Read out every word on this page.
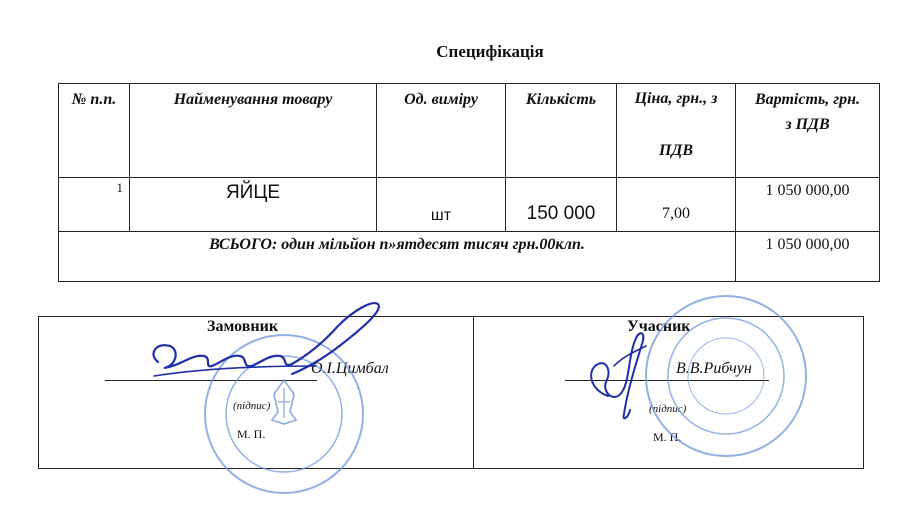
Специфікація
№ п.п.	Найменування товару	Од. виміру	Кількість	Ціна, грн., з ПДВ	Вартість, грн. з ПДВ
1	ЯЙЦЕ	шт	150 000	7,00	1 050 000,00
ВСЬОГО: один мільйон п»ятдесят тисяч грн.00клп.					1 050 000,00
Замовник
О.І.Цимбал
(підпис)
М. П.
Учасник
В.В.Рибчун
(підпис)
М. П.
